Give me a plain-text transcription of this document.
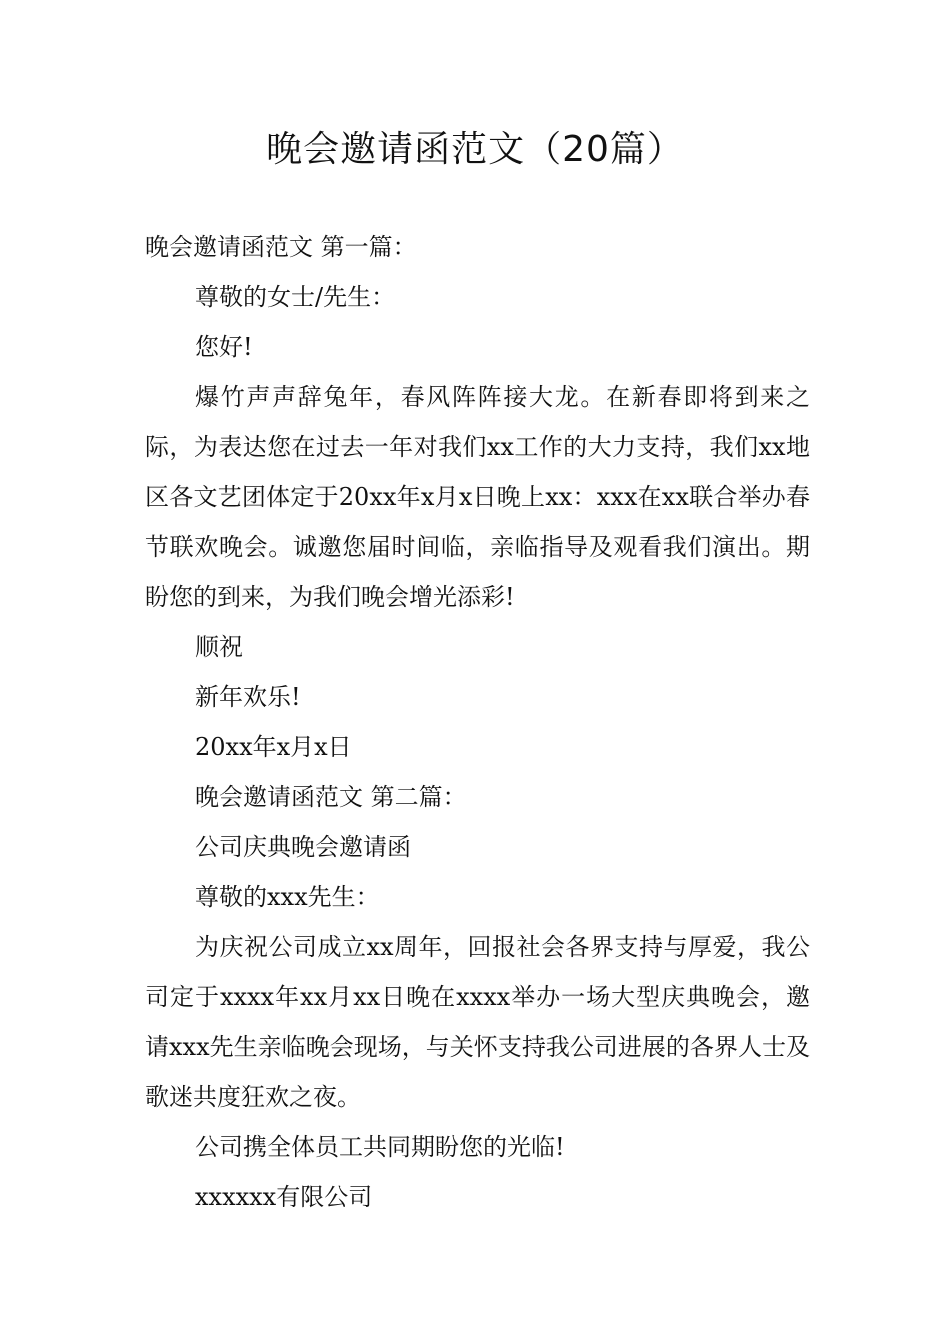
晚会邀请函范文（20篇）

晚会邀请函范文 第一篇：

尊敬的女士/先生：

您好!

爆竹声声辞兔年，春风阵阵接大龙。在新春即将到来之际，为表达您在过去一年对我们xx工作的大力支持，我们xx地区各文艺团体定于20xx年x月x日晚上xx：xxx在xx联合举办春节联欢晚会。诚邀您届时间临，亲临指导及观看我们演出。期盼您的到来，为我们晚会增光添彩!

顺祝

新年欢乐!

20xx年x月x日

晚会邀请函范文 第二篇：

公司庆典晚会邀请函

尊敬的xxx先生：

为庆祝公司成立xx周年，回报社会各界支持与厚爱，我公司定于xxxx年xx月xx日晚在xxxx举办一场大型庆典晚会，邀请xxx先生亲临晚会现场，与关怀支持我公司进展的各界人士及歌迷共度狂欢之夜。

公司携全体员工共同期盼您的光临!

xxxxxx有限公司
